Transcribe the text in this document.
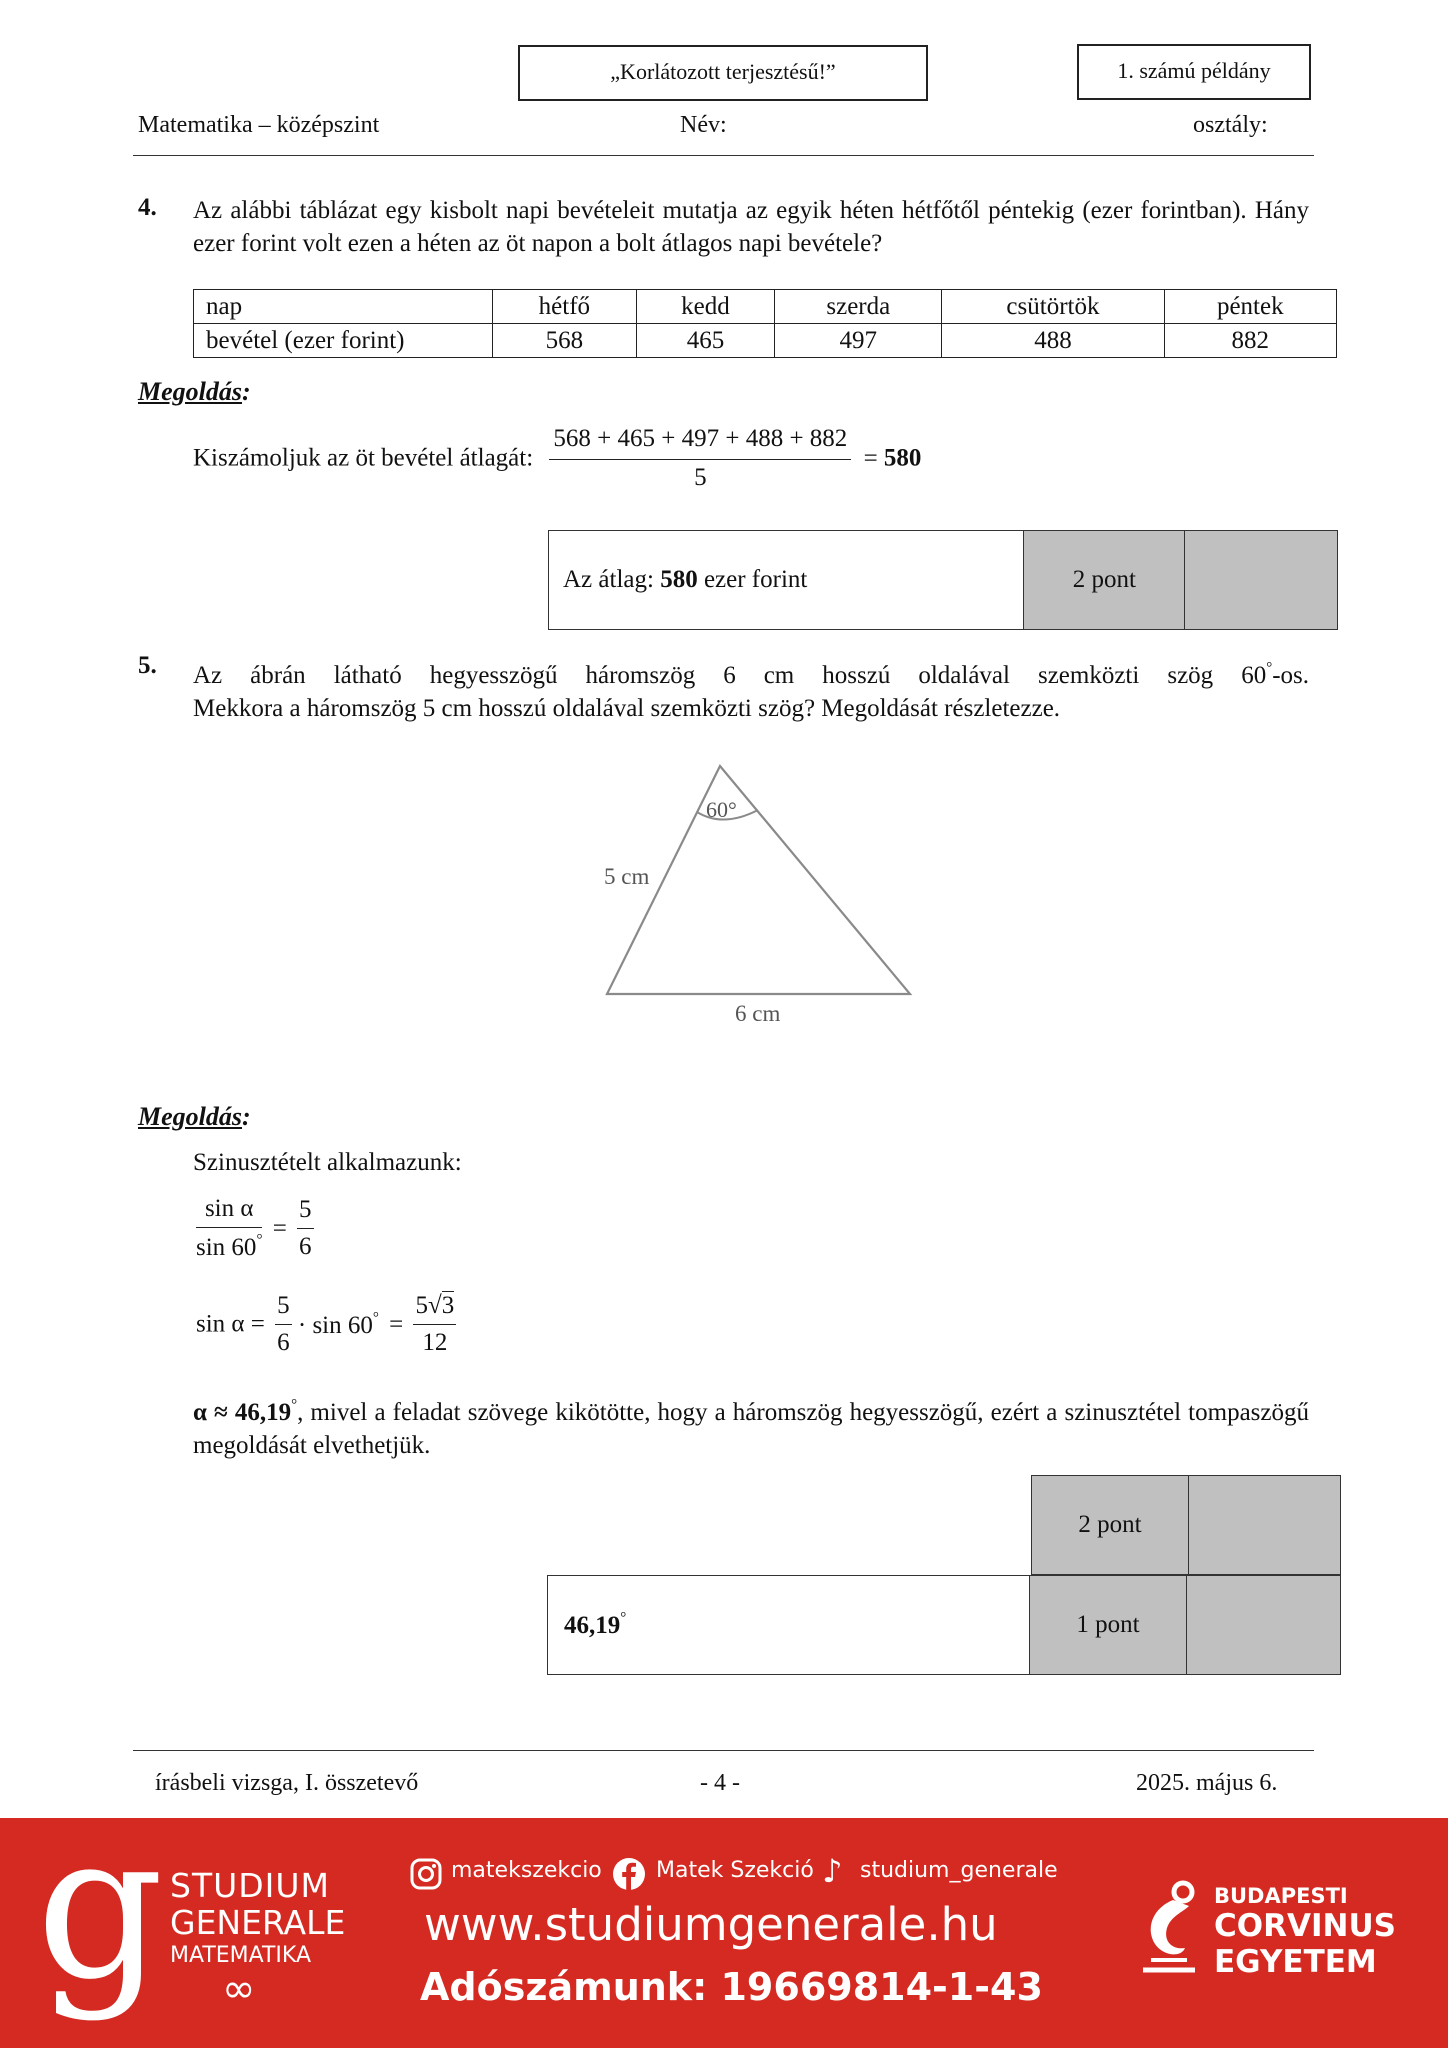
„Korlátozott terjesztésű!”	1. számú példány
Matematika – középszint	Név:	osztály:
4. Az alábbi táblázat egy kisbolt napi bevételeit mutatja az egyik héten hétfőtől péntekig (ezer forintban). Hány ezer forint volt ezen a héten az öt napon a bolt átlagos napi bevétele?
nap	hétfő	kedd	szerda	csütörtök	péntek
bevétel (ezer forint)	568	465	497	488	882
Megoldás:
Kiszámoljuk az öt bevétel átlagát: $\frac{568 + 465 + 497 + 488 + 882}{5} = 580$
Az átlag: 580 ezer forint	2 pont	
5. Az ábrán látható hegyesszögű háromszög 6 cm hosszú oldalával szemközti szög 60°-os.
Mekkora a háromszög 5 cm hosszú oldalával szemközti szög? Megoldását részletezze.
60°
5 cm
6 cm
Megoldás:
Szinusztételt alkalmazunk:
$\frac{\text{sin α}}{\sin 60^\circ} = \frac{5}{6}$
$\sin \alpha = \frac{5}{6} \cdot \sin 60^\circ = \frac{5√3}{12}$
α ≈ 46,19°, mivel a feladat szövege kikötötte, hogy a háromszög hegyesszögű, ezért a szinusztétel tompaszögű megoldását elvethetjük.
2 pont	
46,19°	1 pont	
írásbeli vizsga, I. összetevő	- 4 -	2025. május 6.
g STUDIUM
GENERALE
MATEMATIKA
∞
matekszekcio Matek Szekció ♪ studium_generale
www.studiumgenerale.hu
Adószámunk: 19669814-1-43
BUDAPESTI
CORVINUS
EGYETEM
